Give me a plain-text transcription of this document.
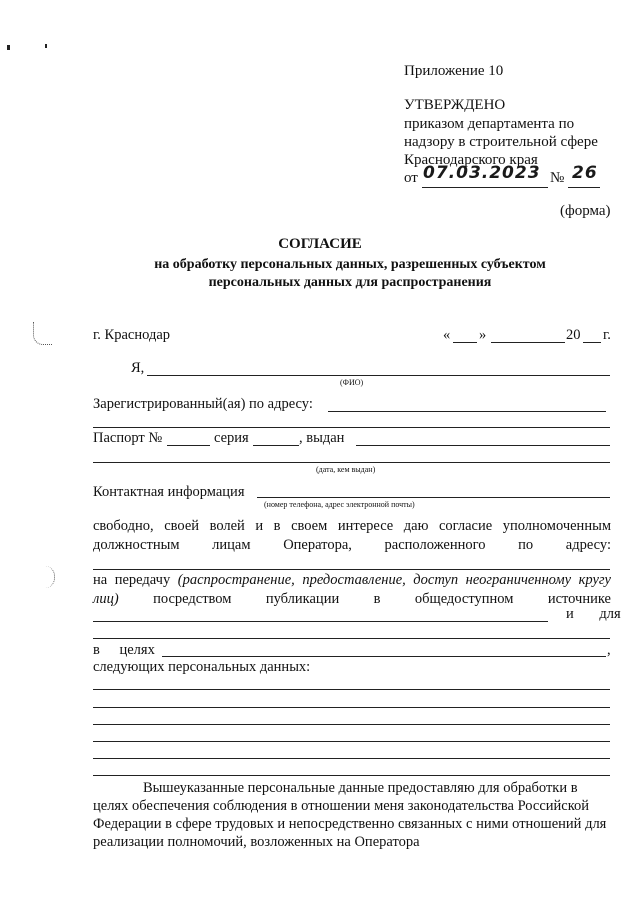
Приложение 10
УТВЕРЖДЕНО
приказом департамента по
надзору в строительной сфере
Краснодарского края
от 07.03.2023 № 26
(форма)
СОГЛАСИЕ
на обработку персональных данных, разрешенных субъектом
персональных данных для распространения
г. Краснодар	« »	20 г.
Я,
(ФИО)
Зарегистрированный(ая) по адресу:
Паспорт №	серия	, выдан
(дата, кем выдан)
Контактная информация
(номер телефона, адрес электронной почты)
свободно, своей волей и в своем интересе даю согласие уполномоченным должностным лицам Оператора, расположенного по адресу:
на передачу (распространение, предоставление, доступ неограниченному кругу лиц) посредством публикации в общедоступном источнике
и для
в целях	,
следующих персональных данных:
Вышеуказанные персональные данные предоставляю для обработки в целях обеспечения соблюдения в отношении меня законодательства Российской Федерации в сфере трудовых и непосредственно связанных с ними отношений для реализации полномочий, возложенных на Оператора
